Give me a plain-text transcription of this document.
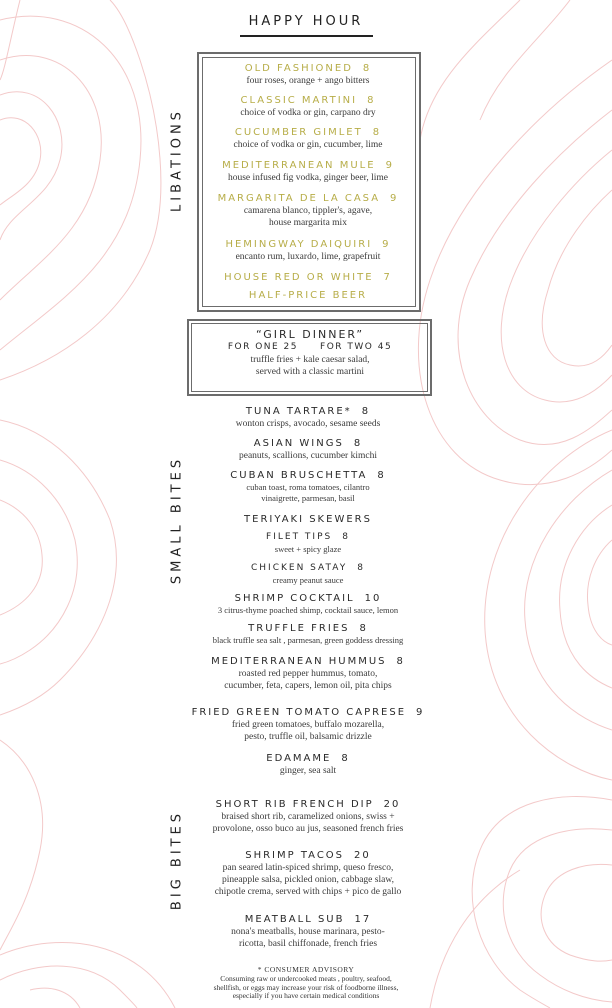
HAPPY HOUR
LIBATIONS
SMALL BITES
BIG BITES
OLD FASHIONED 8
four roses, orange + ango bitters
CLASSIC MARTINI 8
choice of vodka or gin, carpano dry
CUCUMBER GIMLET 8
choice of vodka or gin, cucumber, lime
MEDITERRANEAN MULE 9
house infused fig vodka, ginger beer, lime
MARGARITA DE LA CASA 9
camarena blanco, tippler's, agave,
house margarita mix
HEMINGWAY DAIQUIRI 9
encanto rum, luxardo, lime, grapefruit
HOUSE RED OR WHITE 7
HALF-PRICE BEER
“GIRL DINNER”
FOR ONE 25 FOR TWO 45
truffle fries + kale caesar salad,
served with a classic martini
TUNA TARTARE* 8
wonton crisps, avocado, sesame seeds
ASIAN WINGS 8
peanuts, scallions, cucumber kimchi
CUBAN BRUSCHETTA 8
cuban toast, roma tomatoes, cilantro
vinaigrette, parmesan, basil
TERIYAKI SKEWERS
FILET TIPS 8
sweet + spicy glaze
CHICKEN SATAY 8
creamy peanut sauce
SHRIMP COCKTAIL 10
3 citrus-thyme poached shimp, cocktail sauce, lemon
TRUFFLE FRIES 8
black truffle sea salt , parmesan, green goddess dressing
MEDITERRANEAN HUMMUS 8
roasted red pepper hummus, tomato,
cucumber, feta, capers, lemon oil, pita chips
FRIED GREEN TOMATO CAPRESE 9
fried green tomatoes, buffalo mozarella,
pesto, truffle oil, balsamic drizzle
EDAMAME 8
ginger, sea salt
SHORT RIB FRENCH DIP 20
braised short rib, caramelized onions, swiss +
provolone, osso buco au jus, seasoned french fries
SHRIMP TACOS 20
pan seared latin-spiced shrimp, queso fresco,
pineapple salsa, pickled onion, cabbage slaw,
chipotle crema, served with chips + pico de gallo
MEATBALL SUB 17
nona's meatballs, house marinara, pesto-
ricotta, basil chiffonade, french fries
* CONSUMER ADVISORY
Consuming raw or undercooked meats , poultry, seafood,
shellfish, or eggs may increase your risk of foodborne illness,
especially if you have certain medical conditions
